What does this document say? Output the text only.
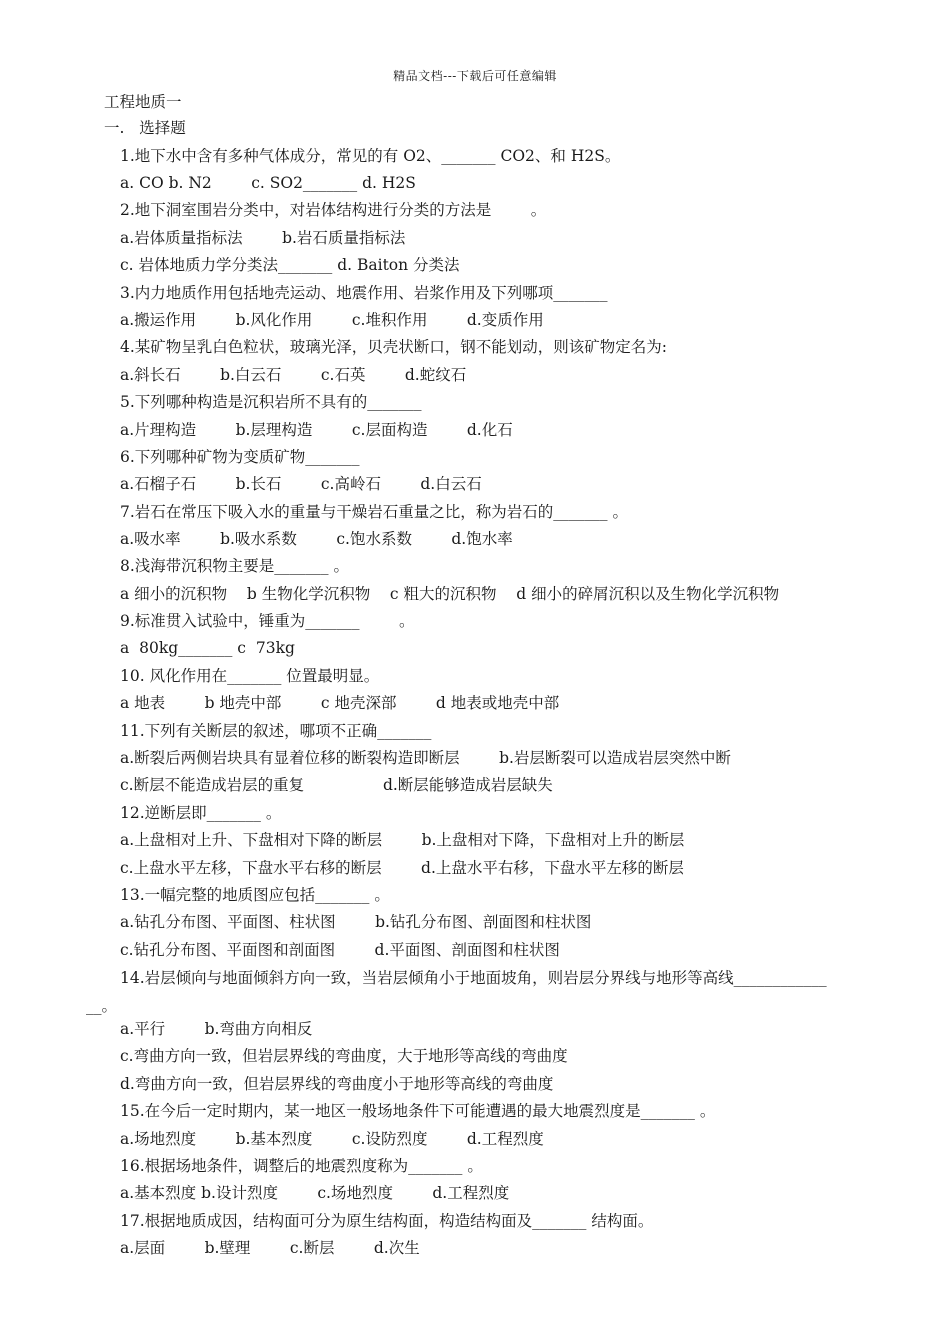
精品文档---下载后可任意编辑
工程地质一
一.   选择题
1.地下水中含有多种气体成分，常见的有 O2、_______ CO2、和 H2S。
a. CO b. N2        c. SO2_______ d. H2S
2.地下洞室围岩分类中，对岩体结构进行分类的方法是        。
a.岩体质量指标法        b.岩石质量指标法
c. 岩体地质力学分类法_______ d. Baiton 分类法
3.内力地质作用包括地壳运动、地震作用、岩浆作用及下列哪项_______
a.搬运作用        b.风化作用        c.堆积作用        d.变质作用
4.某矿物呈乳白色粒状，玻璃光泽，贝壳状断口，钢不能划动，则该矿物定名为:
a.斜长石        b.白云石        c.石英        d.蛇纹石
5.下列哪种构造是沉积岩所不具有的_______
a.片理构造        b.层理构造        c.层面构造        d.化石
6.下列哪种矿物为变质矿物_______
a.石榴子石        b.长石        c.高岭石        d.白云石
7.岩石在常压下吸入水的重量与干燥岩石重量之比，称为岩石的_______ 。
a.吸水率        b.吸水系数        c.饱水系数        d.饱水率
8.浅海带沉积物主要是_______ 。
a 细小的沉积物    b 生物化学沉积物    c 粗大的沉积物    d 细小的碎屑沉积以及生物化学沉积物
9.标准贯入试验中，锤重为_______        。
a  80kg_______ c  73kg
10. 风化作用在_______ 位置最明显。
a 地表        b 地壳中部        c 地壳深部        d 地表或地壳中部
11.下列有关断层的叙述，哪项不正确_______
a.断裂后两侧岩块具有显着位移的断裂构造即断层        b.岩层断裂可以造成岩层突然中断
c.断层不能造成岩层的重复                d.断层能够造成岩层缺失
12.逆断层即_______ 。
a.上盘相对上升、下盘相对下降的断层        b.上盘相对下降，下盘相对上升的断层
c.上盘水平左移，下盘水平右移的断层        d.上盘水平右移，下盘水平左移的断层
13.一幅完整的地质图应包括_______ 。
a.钻孔分布图、平面图、柱状图        b.钻孔分布图、剖面图和柱状图
c.钻孔分布图、平面图和剖面图        d.平面图、剖面图和柱状图
14.岩层倾向与地面倾斜方向一致，当岩层倾角小于地面坡角，则岩层分界线与地形等高线____________
__。
a.平行        b.弯曲方向相反
c.弯曲方向一致，但岩层界线的弯曲度，大于地形等高线的弯曲度
d.弯曲方向一致，但岩层界线的弯曲度小于地形等高线的弯曲度
15.在今后一定时期内，某一地区一般场地条件下可能遭遇的最大地震烈度是_______ 。
a.场地烈度        b.基本烈度        c.设防烈度        d.工程烈度
16.根据场地条件，调整后的地震烈度称为_______ 。
a.基本烈度 b.设计烈度        c.场地烈度        d.工程烈度
17.根据地质成因，结构面可分为原生结构面，构造结构面及_______ 结构面。
a.层面        b.壁理        c.断层        d.次生
